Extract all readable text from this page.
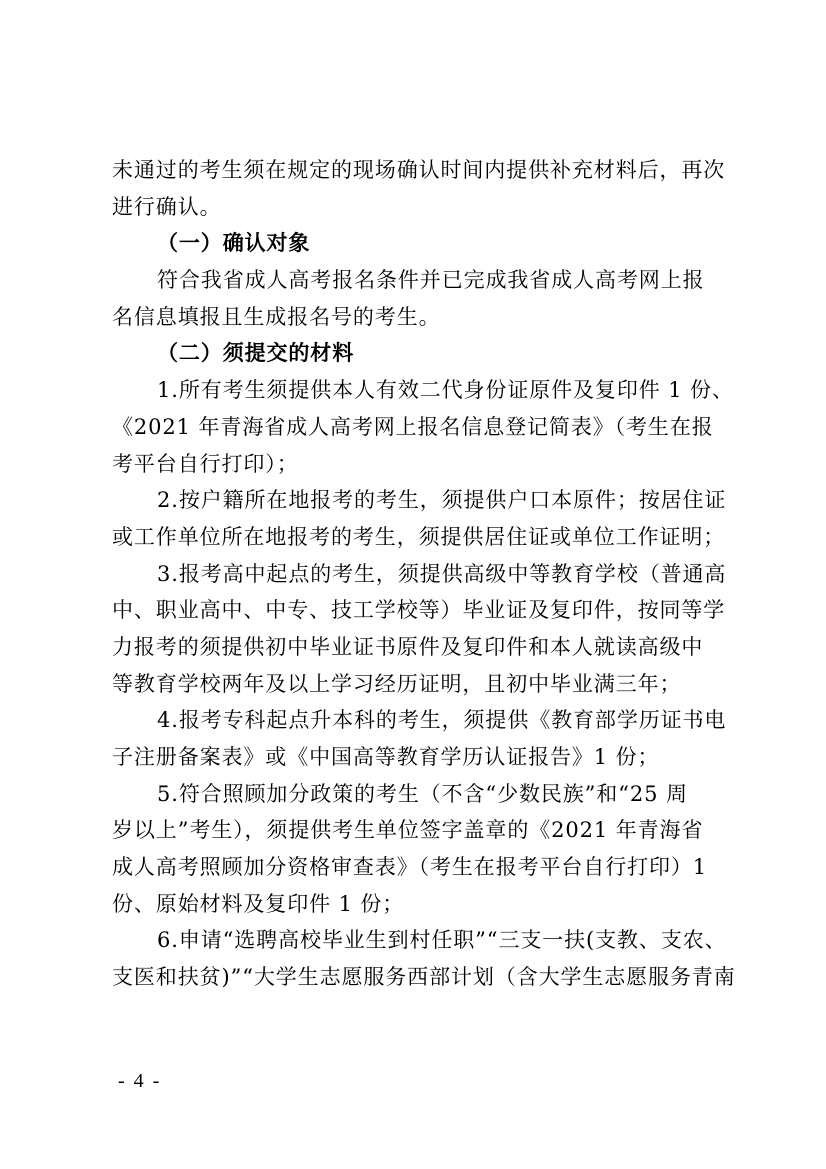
未通过的考生须在规定的现场确认时间内提供补充材料后，再次
进行确认。
（一）确认对象
符合我省成人高考报名条件并已完成我省成人高考网上报
名信息填报且生成报名号的考生。
（二）须提交的材料
1.所有考生须提供本人有效二代身份证原件及复印件 1 份、
《2021 年青海省成人高考网上报名信息登记简表》（考生在报
考平台自行打印）；
2.按户籍所在地报考的考生，须提供户口本原件；按居住证
或工作单位所在地报考的考生，须提供居住证或单位工作证明；
3.报考高中起点的考生，须提供高级中等教育学校（普通高
中、职业高中、中专、技工学校等）毕业证及复印件，按同等学
力报考的须提供初中毕业证书原件及复印件和本人就读高级中
等教育学校两年及以上学习经历证明，且初中毕业满三年；
4.报考专科起点升本科的考生，须提供《教育部学历证书电
子注册备案表》或《中国高等教育学历认证报告》1 份；
5.符合照顾加分政策的考生（不含“少数民族”和“25 周
岁以上”考生），须提供考生单位签字盖章的《2021 年青海省
成人高考照顾加分资格审查表》（考生在报考平台自行打印）1
份、原始材料及复印件 1 份；
6.申请“选聘高校毕业生到村任职”“三支一扶(支教、支农、
支医和扶贫)”“大学生志愿服务西部计划（含大学生志愿服务青南
- 4 -
